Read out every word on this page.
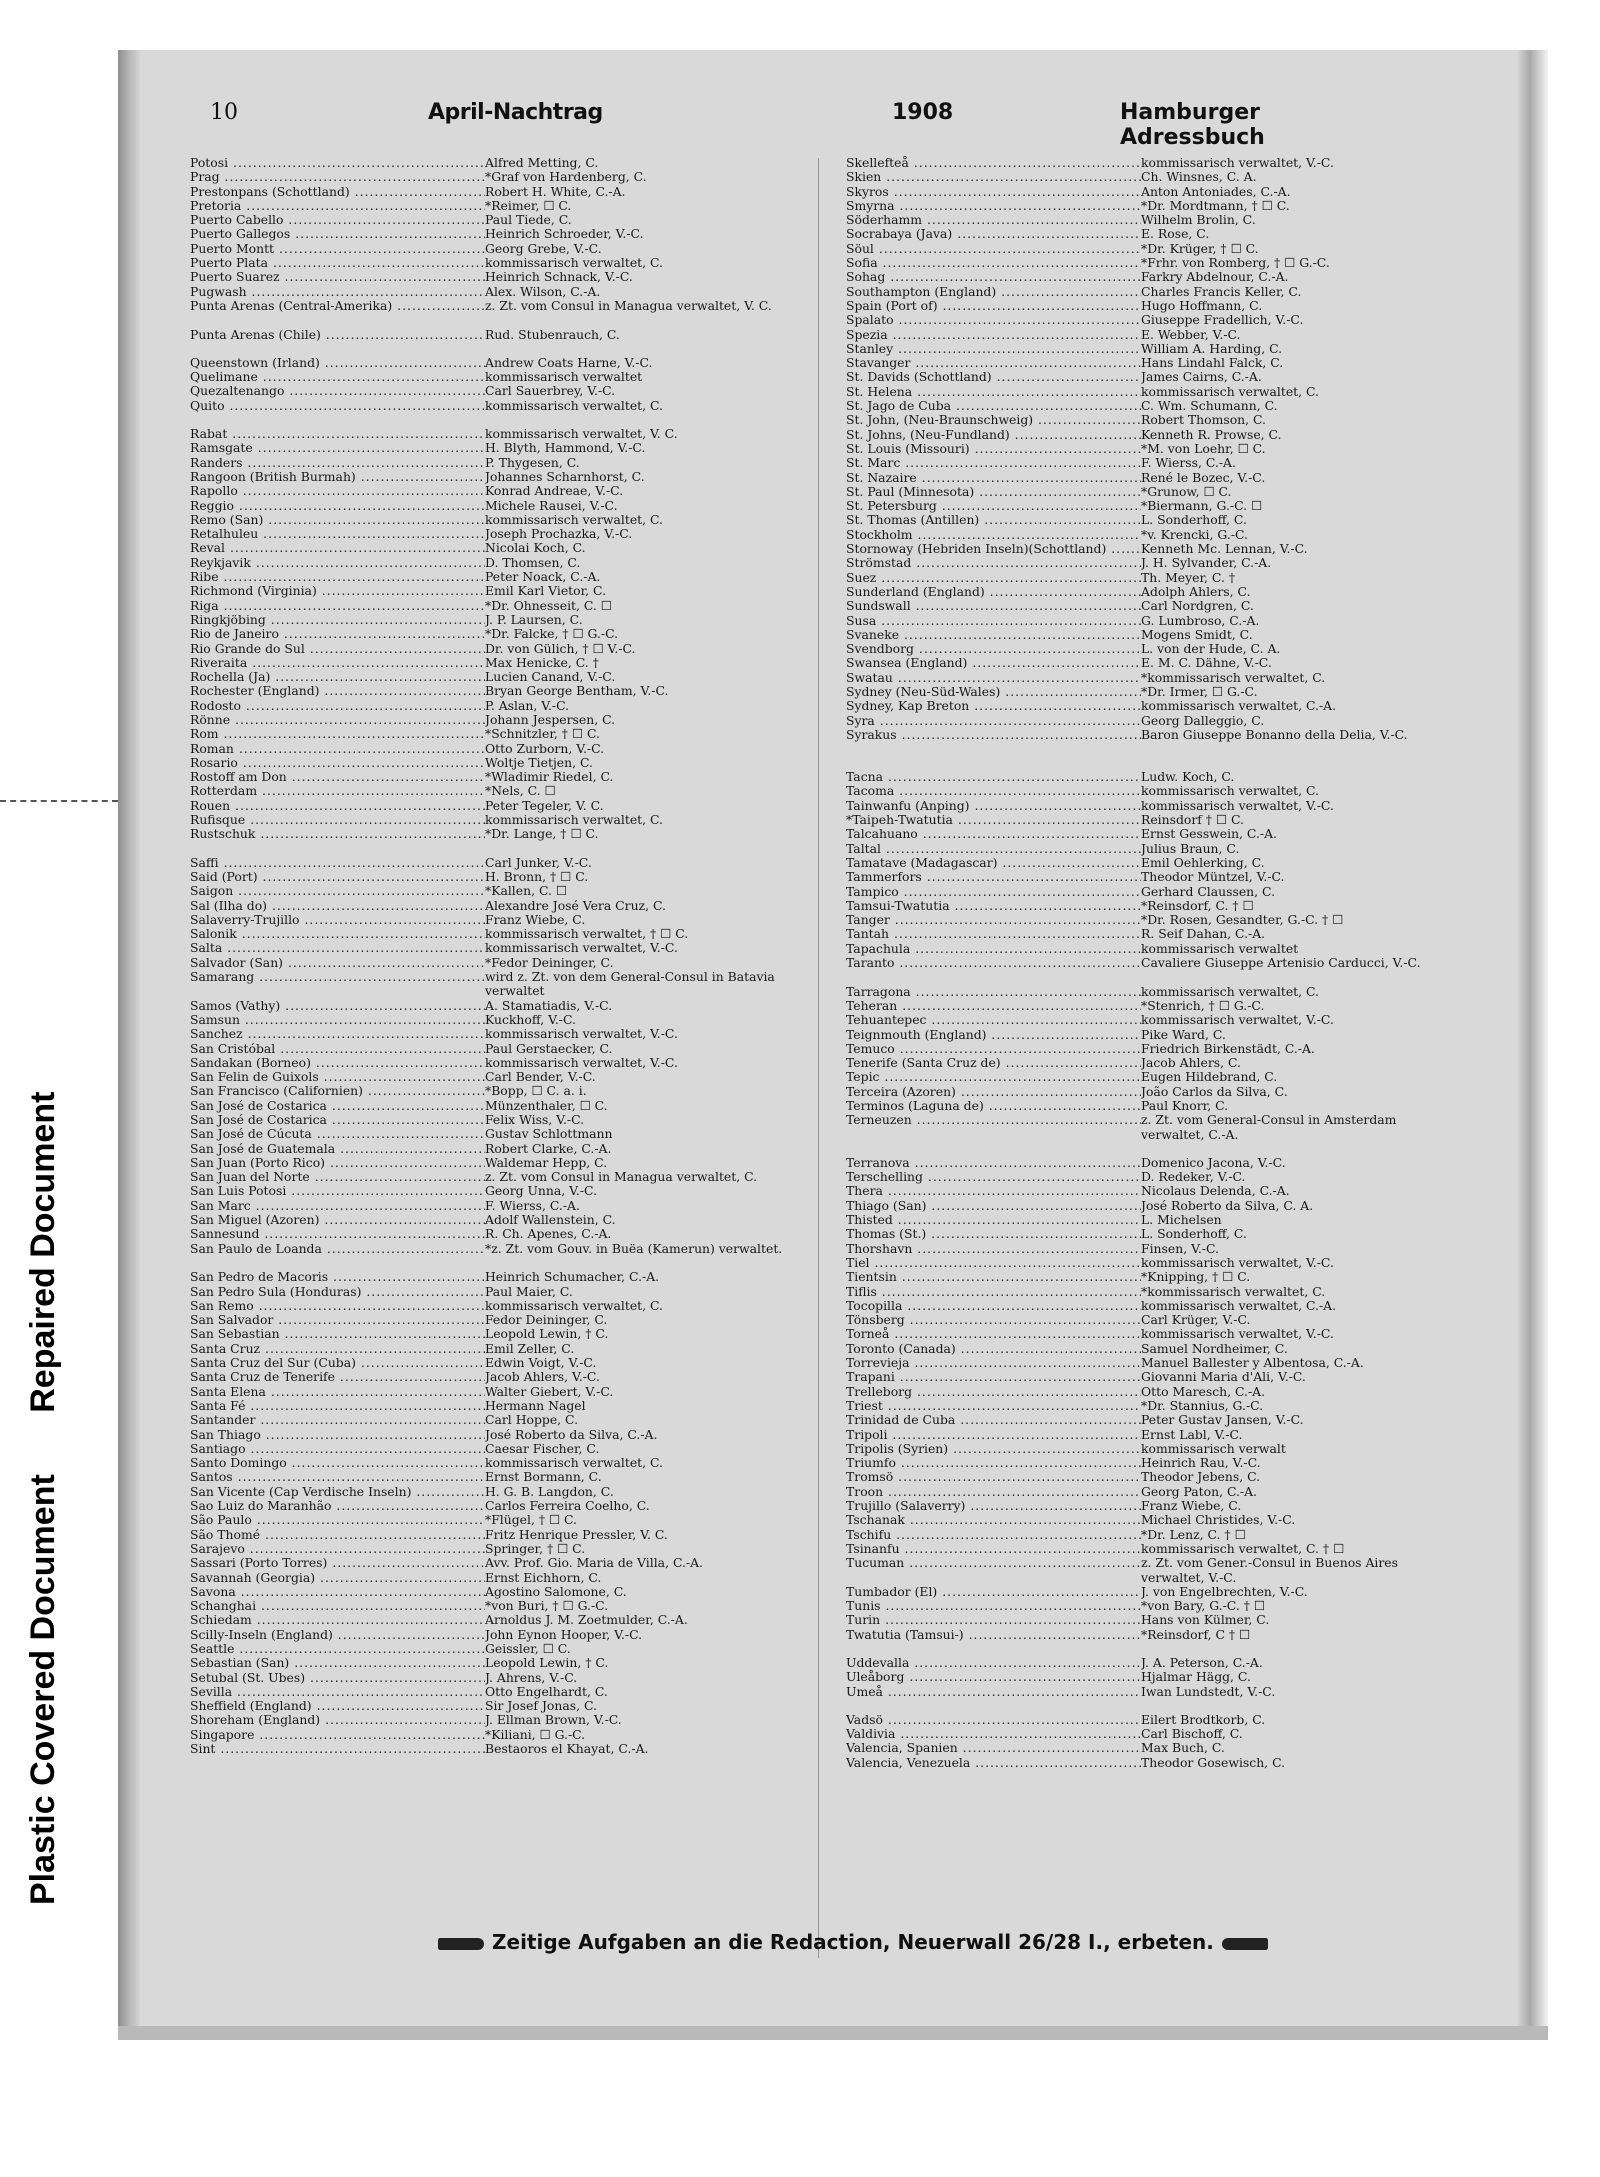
Plastic Covered Document Repaired Document
10	April-Nachtrag	1908	Hamburger Adressbuch
Potosi .....	Alfred Metting, C.
Prag .....	*Graf von Hardenberg, C.
Prestonpans (Schottland) .....	Robert H. White, C.-A.
Pretoria .....	*Reimer, ☐ C.
Puerto Cabello .....	Paul Tiede, C.
Puerto Gallegos .....	Heinrich Schroeder, V.-C.
Puerto Montt .....	Georg Grebe, V.-C.
Puerto Plata .....	kommissarisch verwaltet, C.
Puerto Suarez .....	Heinrich Schnack, V.-C.
Pugwash .....	Alex. Wilson, C.-A.
Punta Arenas (Central-Amerika) .....	z. Zt. vom Consul in Managua verwaltet, V. C.
Punta Arenas (Chile) .....	Rud. Stubenrauch, C.
Queenstown (Irland) .....	Andrew Coats Harne, V.-C.
Quelimane .....	kommissarisch verwaltet
Quezaltenango .....	Carl Sauerbrey, V.-C.
Quito .....	kommissarisch verwaltet, C.
Rabat .....	kommissarisch verwaltet, V. C.
Ramsgate .....	H. Blyth, Hammond, V.-C.
Randers .....	P. Thygesen, C.
Rangoon (British Burmah) .....	Johannes Scharnhorst, C.
Rapollo .....	Konrad Andreae, V.-C.
Reggio .....	Michele Rausei, V.-C.
Remo (San) .....	kommissarisch verwaltet, C.
Retalhuleu .....	Joseph Prochazka, V.-C.
Reval .....	Nicolai Koch, C.
Reykjavik .....	D. Thomsen, C.
Ribe .....	Peter Noack, C.-A.
Richmond (Virginia) .....	Emil Karl Vietor, C.
Riga .....	*Dr. Ohnesseit, C. ☐
Ringkjöbing .....	J. P. Laursen, C.
Rio de Janeiro .....	*Dr. Falcke, † ☐ G.-C.
Rio Grande do Sul .....	Dr. von Gülich, † ☐ V.-C.
Riveraita .....	Max Henicke, C. †
Rochella (Ja) .....	Lucien Canand, V.-C.
Rochester (England) .....	Bryan George Bentham, V.-C.
Rodosto .....	P. Aslan, V.-C.
Rönne .....	Johann Jespersen, C.
Rom .....	*Schnitzler, † ☐ C.
Roman .....	Otto Zurborn, V.-C.
Rosario .....	Woltje Tietjen, C.
Rostoff am Don .....	*Wladimir Riedel, C.
Rotterdam .....	*Nels, C. ☐
Rouen .....	Peter Tegeler, V. C.
Rufisque .....	kommissarisch verwaltet, C.
Rustschuk .....	*Dr. Lange, † ☐ C.
Saffi .....	Carl Junker, V.-C.
Said (Port) .....	H. Bronn, † ☐ C.
Saigon .....	*Kallen, C. ☐
Sal (Ilha do) .....	Alexandre José Vera Cruz, C.
Salaverry-Trujillo .....	Franz Wiebe, C.
Salonik .....	kommissarisch verwaltet, † ☐ C.
Salta .....	kommissarisch verwaltet, V.-C.
Salvador (San) .....	*Fedor Deininger, C.
Samarang .....	wird z. Zt. von dem General-Consul in Batavia verwaltet
Samos (Vathy) .....	A. Stamatiadis, V.-C.
Samsun .....	Kuckhoff, V.-C.
Sanchez .....	kommissarisch verwaltet, V.-C.
San Cristóbal .....	Paul Gerstaecker, C.
Sandakan (Borneo) .....	kommissarisch verwaltet, V.-C.
San Felin de Guixols .....	Carl Bender, V.-C.
San Francisco (Californien) .....	*Bopp, ☐ C. a. i.
San José de Costarica .....	Münzenthaler, ☐ C.
San José de Costarica .....	Felix Wiss, V.-C.
San José de Cúcuta .....	Gustav Schlottmann
San José de Guatemala .....	Robert Clarke, C.-A.
San Juan (Porto Rico) .....	Waldemar Hepp, C.
San Juan del Norte .....	z. Zt. vom Consul in Managua verwaltet, C.
San Luis Potosi .....	Georg Unna, V.-C.
San Marc .....	F. Wierss, C.-A.
San Miguel (Azoren) .....	Adolf Wallenstein, C.
Sannesund .....	R. Ch. Apenes, C.-A.
San Paulo de Loanda .....	*z. Zt. vom Gouv. in Buëa (Kamerun) verwaltet.
San Pedro de Macoris .....	Heinrich Schumacher, C.-A.
San Pedro Sula (Honduras) .....	Paul Maier, C.
San Remo .....	kommissarisch verwaltet, C.
San Salvador .....	Fedor Deininger, C.
San Sebastian .....	Leopold Lewin, † C.
Santa Cruz .....	Emil Zeller, C.
Santa Cruz del Sur (Cuba) .....	Edwin Voigt, V.-C.
Santa Cruz de Tenerife .....	Jacob Ahlers, V.-C.
Santa Elena .....	Walter Giebert, V.-C.
Santa Fé .....	Hermann Nagel
Santander .....	Carl Hoppe, C.
San Thiago .....	José Roberto da Silva, C.-A.
Santiago .....	Caesar Fischer, C.
Santo Domingo .....	kommissarisch verwaltet, C.
Santos .....	Ernst Bormann, C.
San Vicente (Cap Verdische Inseln) .....	H. G. B. Langdon, C.
Sao Luiz do Maranhão .....	Carlos Ferreira Coelho, C.
São Paulo .....	*Flügel, † ☐ C.
São Thomé .....	Fritz Henrique Pressler, V. C.
Sarajevo .....	Springer, † ☐ C.
Sassari (Porto Torres) .....	Avv. Prof. Gio. Maria de Villa, C.-A.
Savannah (Georgia) .....	Ernst Eichhorn, C.
Savona .....	Agostino Salomone, C.
Schanghai .....	*von Buri, † ☐ G.-C.
Schiedam .....	Arnoldus J. M. Zoetmulder, C.-A.
Scilly-Inseln (England) .....	John Eynon Hooper, V.-C.
Seattle .....	Geissler, ☐ C.
Sebastian (San) .....	Leopold Lewin, † C.
Setubal (St. Ubes) .....	J. Ahrens, V.-C.
Sevilla .....	Otto Engelhardt, C.
Sheffield (England) .....	Sir Josef Jonas, C.
Shoreham (England) .....	J. Ellman Brown, V.-C.
Singapore .....	*Kiliani, ☐ G.-C.
Sint .....	Bestaoros el Khayat, C.-A.
Skellefteå .....	kommissarisch verwaltet, V.-C.
Skien .....	Ch. Winsnes, C. A.
Skyros .....	Anton Antoniades, C.-A.
Smyrna .....	*Dr. Mordtmann, † ☐ C.
Söderhamm .....	Wilhelm Brolin, C.
Socrabaya (Java) .....	E. Rose, C.
Söul .....	*Dr. Krüger, † ☐ C.
Sofia .....	*Frhr. von Romberg, † ☐ G.-C.
Sohag .....	Farkry Abdelnour, C.-A.
Southampton (England) .....	Charles Francis Keller, C.
Spain (Port of) .....	Hugo Hoffmann, C.
Spalato .....	Giuseppe Fradellich, V.-C.
Spezia .....	E. Webber, V.-C.
Stanley .....	William A. Harding, C.
Stavanger .....	Hans Lindahl Falck, C.
St. Davids (Schottland) .....	James Cairns, C.-A.
St. Helena .....	kommissarisch verwaltet, C.
St. Jago de Cuba .....	C. Wm. Schumann, C.
St. John, (Neu-Braunschweig) .....	Robert Thomson, C.
St. Johns, (Neu-Fundland) .....	Kenneth R. Prowse, C.
St. Louis (Missouri) .....	*M. von Loehr, ☐ C.
St. Marc .....	F. Wierss, C.-A.
St. Nazaire .....	René le Bozec, V.-C.
St. Paul (Minnesota) .....	*Grunow, ☐ C.
St. Petersburg .....	*Biermann, G.-C. ☐
St. Thomas (Antillen) .....	L. Sonderhoff, C.
Stockholm .....	*v. Krencki, G.-C.
Stornoway (Hebriden Inseln)(Schottland) .....	Kenneth Mc. Lennan, V.-C.
Strömstad .....	J. H. Sylvander, C.-A.
Suez .....	Th. Meyer, C. †
Sunderland (England) .....	Adolph Ahlers, C.
Sundswall .....	Carl Nordgren, C.
Susa .....	G. Lumbroso, C.-A.
Svaneke .....	Mogens Smidt, C.
Svendborg .....	L. von der Hude, C. A.
Swansea (England) .....	E. M. C. Dähne, V.-C.
Swatau .....	*kommissarisch verwaltet, C.
Sydney (Neu-Süd-Wales) .....	*Dr. Irmer, ☐ G.-C.
Sydney, Kap Breton .....	kommissarisch verwaltet, C.-A.
Syra .....	Georg Dalleggio, C.
Syrakus .....	Baron Giuseppe Bonanno della Delia, V.-C.
Tacna .....	Ludw. Koch, C.
Tacoma .....	kommissarisch verwaltet, C.
Tainwanfu (Anping) .....	kommissarisch verwaltet, V.-C.
*Taipeh-Twatutia .....	Reinsdorf † ☐ C.
Talcahuano .....	Ernst Gesswein, C.-A.
Taltal .....	Julius Braun, C.
Tamatave (Madagascar) .....	Emil Oehlerking, C.
Tammerfors .....	Theodor Müntzel, V.-C.
Tampico .....	Gerhard Claussen, C.
Tamsui-Twatutia .....	*Reinsdorf, C. † ☐
Tanger .....	*Dr. Rosen, Gesandter, G.-C. † ☐
Tantah .....	R. Seif Dahan, C.-A.
Tapachula .....	kommissarisch verwaltet
Taranto .....	Cavaliere Giuseppe Artenisio Carducci, V.-C.
Tarragona .....	kommissarisch verwaltet, C.
Teheran .....	*Stenrich, † ☐ G.-C.
Tehuantepec .....	kommissarisch verwaltet, V.-C.
Teignmouth (England) .....	Pike Ward, C.
Temuco .....	Friedrich Birkenstädt, C.-A.
Tenerife (Santa Cruz de) .....	Jacob Ahlers, C.
Tepic .....	Eugen Hildebrand, C.
Terceira (Azoren) .....	João Carlos da Silva, C.
Terminos (Laguna de) .....	Paul Knorr, C.
Terneuzen .....	z. Zt. vom General-Consul in Amsterdam verwaltet, C.-A.
Terranova .....	Domenico Jacona, V.-C.
Terschelling .....	D. Redeker, V.-C.
Thera .....	Nicolaus Delenda, C.-A.
Thiago (San) .....	José Roberto da Silva, C. A.
Thisted .....	L. Michelsen
Thomas (St.) .....	L. Sonderhoff, C.
Thorshavn .....	Finsen, V.-C.
Tiel .....	kommissarisch verwaltet, V.-C.
Tientsin .....	*Knipping, † ☐ C.
Tiflis .....	*kommissarisch verwaltet, C.
Tocopilla .....	kommissarisch verwaltet, C.-A.
Tönsberg .....	Carl Krüger, V.-C.
Torneå .....	kommissarisch verwaltet, V.-C.
Toronto (Canada) .....	Samuel Nordheimer, C.
Torrevieja .....	Manuel Ballester y Albentosa, C.-A.
Trapani .....	Giovanni Maria d'Ali, V.-C.
Trelleborg .....	Otto Maresch, C.-A.
Triest .....	*Dr. Stannius, G.-C.
Trinidad de Cuba .....	Peter Gustav Jansen, V.-C.
Tripoli .....	Ernst Labl, V.-C.
Tripolis (Syrien) .....	kommissarisch verwalt
Triumfo .....	Heinrich Rau, V.-C.
Tromsö .....	Theodor Jebens, C.
Troon .....	Georg Paton, C.-A.
Trujillo (Salaverry) .....	Franz Wiebe, C.
Tschanak .....	Michael Christides, V.-C.
Tschifu .....	*Dr. Lenz, C. † ☐
Tsinanfu .....	kommissarisch verwaltet, C. † ☐
Tucuman .....	z. Zt. vom Gener.-Consul in Buenos Aires verwaltet, V.-C.
Tumbador (El) .....	J. von Engelbrechten, V.-C.
Tunis .....	*von Bary, G.-C. † ☐
Turin .....	Hans von Külmer, C.
Twatutia (Tamsui-) .....	*Reinsdorf, C † ☐
Uddevalla .....	J. A. Peterson, C.-A.
Uleåborg .....	Hjalmar Hägg, C.
Umeå .....	Iwan Lundstedt, V.-C.
Vadsö .....	Eilert Brodtkorb, C.
Valdivia .....	Carl Bischoff, C.
Valencia, Spanien .....	Max Buch, C.
Valencia, Venezuela .....	Theodor Gosewisch, C.
Zeitige Aufgaben an die Redaction, Neuerwall 26/28 I., erbeten.
